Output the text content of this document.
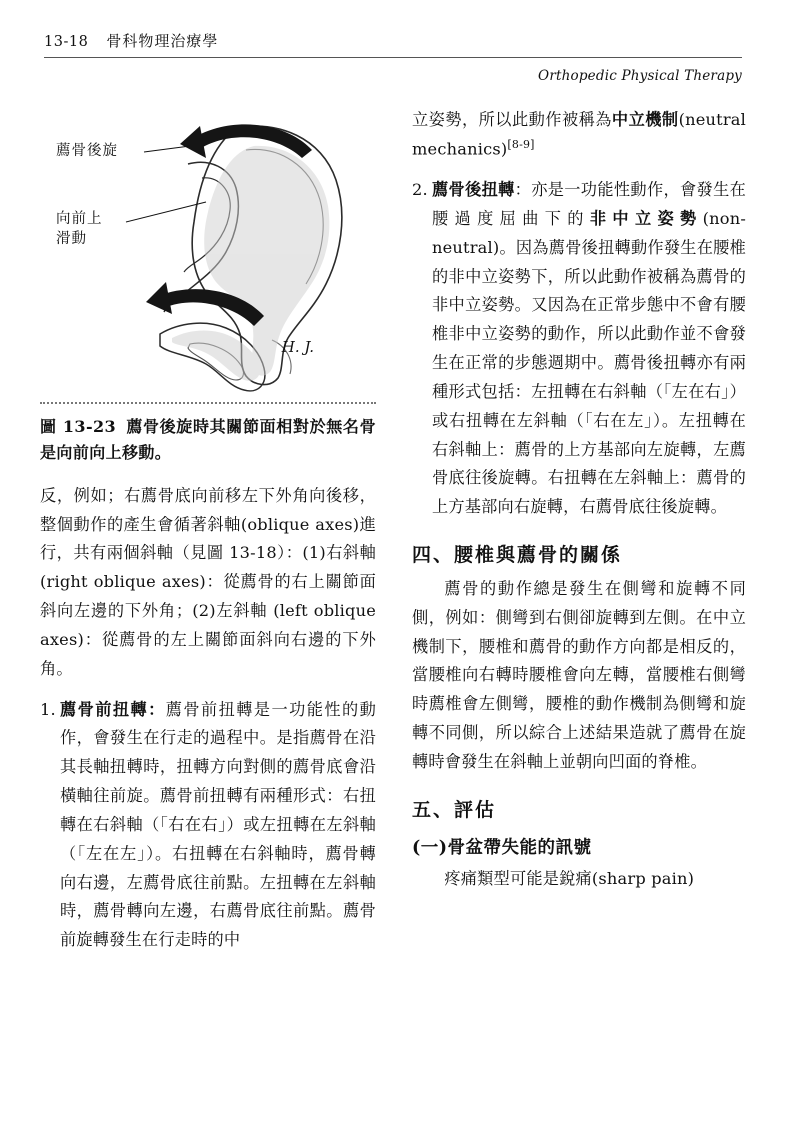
13-18 骨科物理治療學
Orthopedic Physical Therapy
薦骨後旋
向前上
滑動
H. J.
圖 13-23 薦骨後旋時其關節面相對於無名骨是向前向上移動。

反，例如；右薦骨底向前移左下外角向後移，整個動作的產生會循著斜軸(oblique axes)進行，共有兩個斜軸（見圖 13-18）：(1)右斜軸(right oblique axes)：從薦骨的右上關節面斜向左邊的下外角；(2)左斜軸 (left oblique axes)：從薦骨的左上關節面斜向右邊的下外角。

1. 薦骨前扭轉：薦骨前扭轉是一功能性的動作，會發生在行走的過程中。是指薦骨在沿其長軸扭轉時，扭轉方向對側的薦骨底會沿橫軸往前旋。薦骨前扭轉有兩種形式：右扭轉在右斜軸（「右在右」）或左扭轉在左斜軸（「左在左」）。右扭轉在右斜軸時，薦骨轉向右邊，左薦骨底往前點。左扭轉在左斜軸時，薦骨轉向左邊，右薦骨底往前點。薦骨前旋轉發生在行走時的中

立姿勢，所以此動作被稱為中立機制(neutral mechanics)[8-9]

2. 薦骨後扭轉：亦是一功能性動作，會發生在腰過度屈曲下的非中立姿勢(non-neutral)。因為薦骨後扭轉動作發生在腰椎的非中立姿勢下，所以此動作被稱為薦骨的非中立姿勢。又因為在正常步態中不會有腰椎非中立姿勢的動作，所以此動作並不會發生在正常的步態週期中。薦骨後扭轉亦有兩種形式包括：左扭轉在右斜軸（「左在右」）或右扭轉在左斜軸（「右在左」）。左扭轉在右斜軸上：薦骨的上方基部向左旋轉，左薦骨底往後旋轉。右扭轉在左斜軸上：薦骨的上方基部向右旋轉，右薦骨底往後旋轉。
四、腰椎與薦骨的關係

薦骨的動作總是發生在側彎和旋轉不同側，例如：側彎到右側卻旋轉到左側。在中立機制下，腰椎和薦骨的動作方向都是相反的，當腰椎向右轉時腰椎會向左轉，當腰椎右側彎時薦椎會左側彎，腰椎的動作機制為側彎和旋轉不同側，所以綜合上述結果造就了薦骨在旋轉時會發生在斜軸上並朝向凹面的脊椎。

五、評估
(一)骨盆帶失能的訊號

疼痛類型可能是銳痛(sharp pain)
